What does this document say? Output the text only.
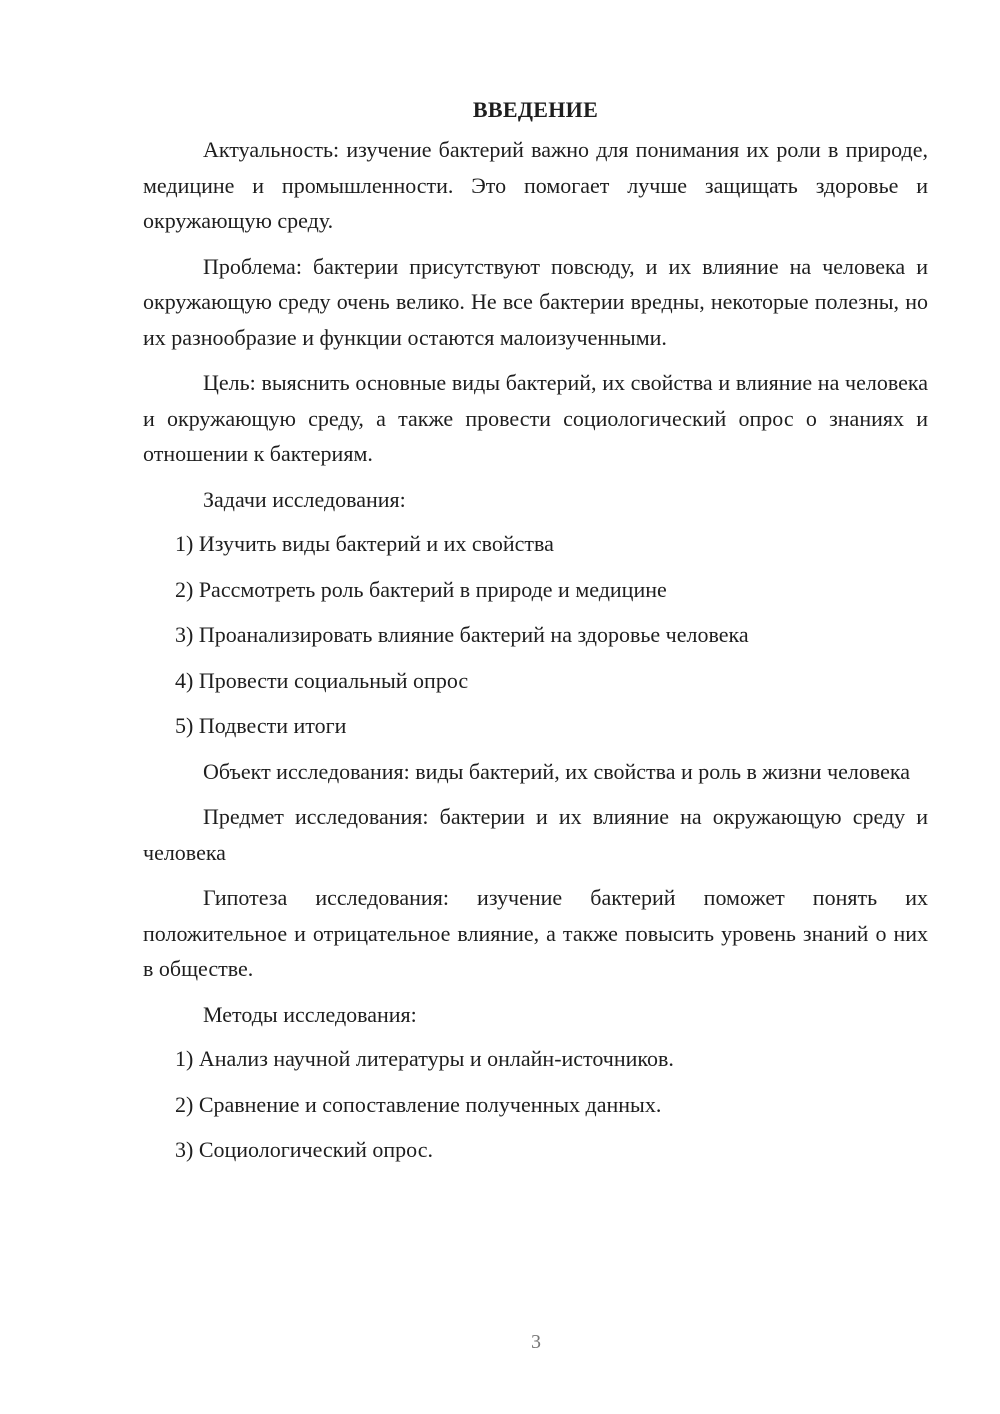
ВВЕДЕНИЕ

Актуальность: изучение бактерий важно для понимания их роли в природе, медицине и промышленности. Это помогает лучше защищать здоровье и окружающую среду.

Проблема: бактерии присутствуют повсюду, и их влияние на человека и окружающую среду очень велико. Не все бактерии вредны, некоторые полезны, но их разнообразие и функции остаются малоизученными.

Цель: выяснить основные виды бактерий, их свойства и влияние на человека и окружающую среду, а также провести социологический опрос о знаниях и отношении к бактериям.

Задачи исследования:

1) Изучить виды бактерий и их свойства
2) Рассмотреть роль бактерий в природе и медицине
3) Проанализировать влияние бактерий на здоровье человека
4) Провести социальный опрос
5) Подвести итоги

Объект исследования: виды бактерий, их свойства и роль в жизни человека

Предмет исследования: бактерии и их влияние на окружающую среду и человека

Гипотеза исследования: изучение бактерий поможет понять их положительное и отрицательное влияние, а также повысить уровень знаний о них в обществе.

Методы исследования:

1) Анализ научной литературы и онлайн-источников.
2) Сравнение и сопоставление полученных данных.
3) Социологический опрос.
3
